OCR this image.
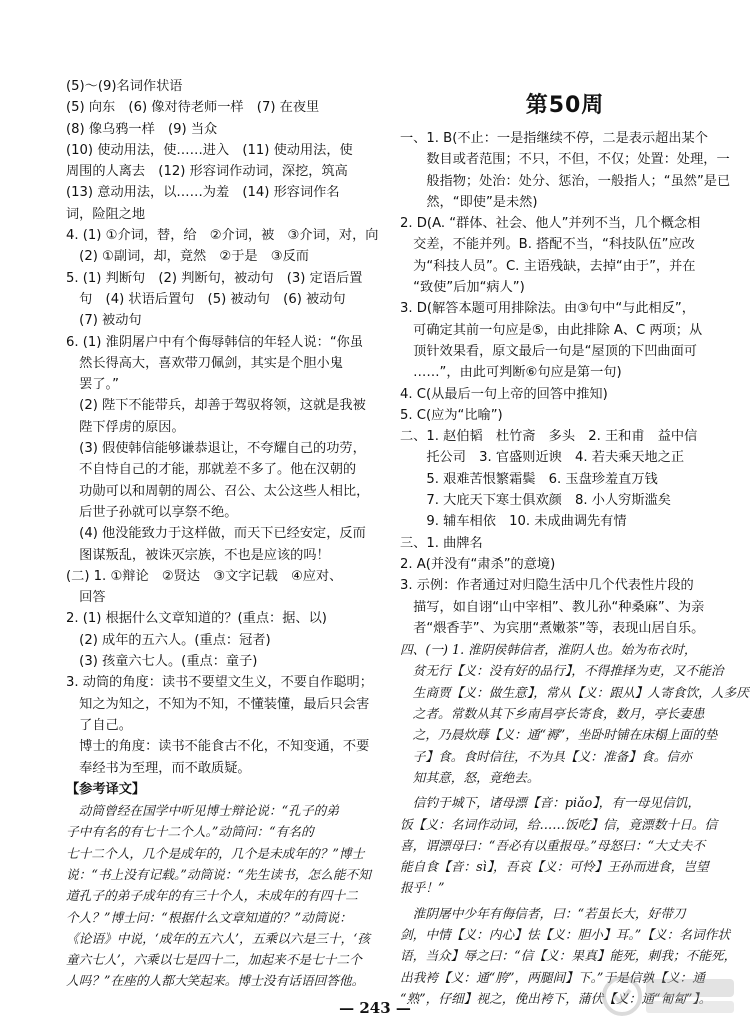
(5)～(9)名词作状语
(5) 向东　(6) 像对待老师一样　(7) 在夜里
(8) 像乌鸦一样　(9) 当众
(10) 使动用法，使……进入　(11) 使动用法，使
周围的人离去　(12) 形容词作动词，深挖，筑高
(13) 意动用法，以……为羞　(14) 形容词作名
词，险阻之地
4. (1) ①介词，替，给　②介词，被　③介词，对，向
　(2) ①副词，却，竟然　②于是　③反而
5. (1) 判断句　(2) 判断句，被动句　(3) 定语后置
　句　(4) 状语后置句　(5) 被动句　(6) 被动句
　(7) 被动句
6. (1) 淮阴屠户中有个侮辱韩信的年轻人说：“你虽
　然长得高大，喜欢带刀佩剑，其实是个胆小鬼
　罢了。”
　(2) 陛下不能带兵，却善于驾驭将领，这就是我被
　陛下俘虏的原因。
　(3) 假使韩信能够谦恭退让，不夸耀自己的功劳，
　不自恃自己的才能，那就差不多了。他在汉朝的
　功勋可以和周朝的周公、召公、太公这些人相比，
　后世子孙就可以享祭不绝。
　(4) 他没能致力于这样做，而天下已经安定，反而
　图谋叛乱，被诛灭宗族，不也是应该的吗！
(二) 1. ①辩论　②贤达　③文字记载　④应对、
　回答
2. (1) 根据什么文章知道的？(重点：据、以)
　(2) 成年的五六人。(重点：冠者)
　(3) 孩童六七人。(重点：童子)
3. 动筒的角度：读书不要望文生义，不要自作聪明；
　知之为知之，不知为不知，不懂装懂，最后只会害
　了自己。
　博士的角度：读书不能食古不化，不知变通，不要
　奉经书为至理，而不敢质疑。
【参考译文】
　动筒曾经在国学中听见博士辩论说：“孔子的弟
子中有名的有七十二个人。”动筒问：“有名的
七十二个人，几个是成年的，几个是未成年的？”博士
说：“书上没有记载。”动筒说：“先生读书，怎么能不知
道孔子的弟子成年的有三十个人，未成年的有四十二
个人？”博士问：“根据什么文章知道的？”动筒说：
《论语》中说，‘成年的五六人’，五乘以六是三十，‘孩
童六七人’，六乘以七是四十二，加起来不是七十二个
人吗？”在座的人都大笑起来。博士没有话语回答他。
第50周
一、1. B(不止：一是指继续不停，二是表示超出某个
　　数目或者范围；不只，不但，不仅；处置：处理，一
　　般指物；处治：处分、惩治，一般指人；“虽然”是已
　　然，“即使”是未然)
2. D(A. “群体、社会、他人”并列不当，几个概念相
　交差，不能并列。B. 搭配不当，“科技队伍”应改
　为“科技人员”。C. 主语残缺，去掉“由于”，并在
　“致使”后加“病人”)
3. D(解答本题可用排除法。由③句中“与此相反”，
　可确定其前一句应是⑤，由此排除 A、C 两项；从
　顶针效果看，原文最后一句是“屋顶的下凹曲面可
　……”，由此可判断⑥句应是第一句)
4. C(从最后一句上帝的回答中推知)
5. C(应为“比喻”)
二、1. 赵伯韬　杜竹斋　多头　2. 王和甫　益中信
　　托公司　3. 官盛则近谀　4. 若夫乘天地之正
　　5. 艰难苦恨繁霜鬓　6. 玉盘珍羞直万钱
　　7. 大庇天下寒士俱欢颜　8. 小人穷斯滥矣
　　9. 辅车相依　10. 未成曲调先有情
三、1. 曲牌名
2. A(并没有“肃杀”的意境)
3. 示例：作者通过对归隐生活中几个代表性片段的
　描写，如自诩“山中宰相”、教儿孙“种桑麻”、为亲
　者“煨香芋”、为宾朋“煮嫩茶”等，表现山居自乐。
四、(一) 1. 淮阴侯韩信者，淮阴人也。始为布衣时，
　贫无行【义：没有好的品行】，不得推择为吏，又不能治
　生商贾【义：做生意】，常从【义：跟从】人寄食饮，人多厌
　之者。常数从其下乡南昌亭长寄食，数月，亭长妻患
　之，乃晨炊蓐【义：通“褥”，坐卧时铺在床榻上面的垫
　子】食。食时信往，不为具【义：准备】食。信亦
　知其意，怒，竟绝去。
　信钓于城下，诸母漂【音：piǎo】，有一母见信饥，
饭【义：名词作动词，给……饭吃】信，竟漂数十日。信
喜，谓漂母曰：“吾必有以重报母。”母怒曰：“大丈夫不
能自食【音：sì】，吾哀【义：可怜】王孙而进食，岂望
报乎！”
　淮阴屠中少年有侮信者，曰：“若虽长大，好带刀
剑，中情【义：内心】怯【义：胆小】耳。”【义：名词作状
语，当众】辱之曰：“信【义：果真】能死，刺我；不能死，
出我袴【义：通“胯”，两腿间】下。”于是信孰【义：通
“熟”，仔细】视之，俛出袴下，蒲伏【义：通“匍匐”】。
— 243 —
